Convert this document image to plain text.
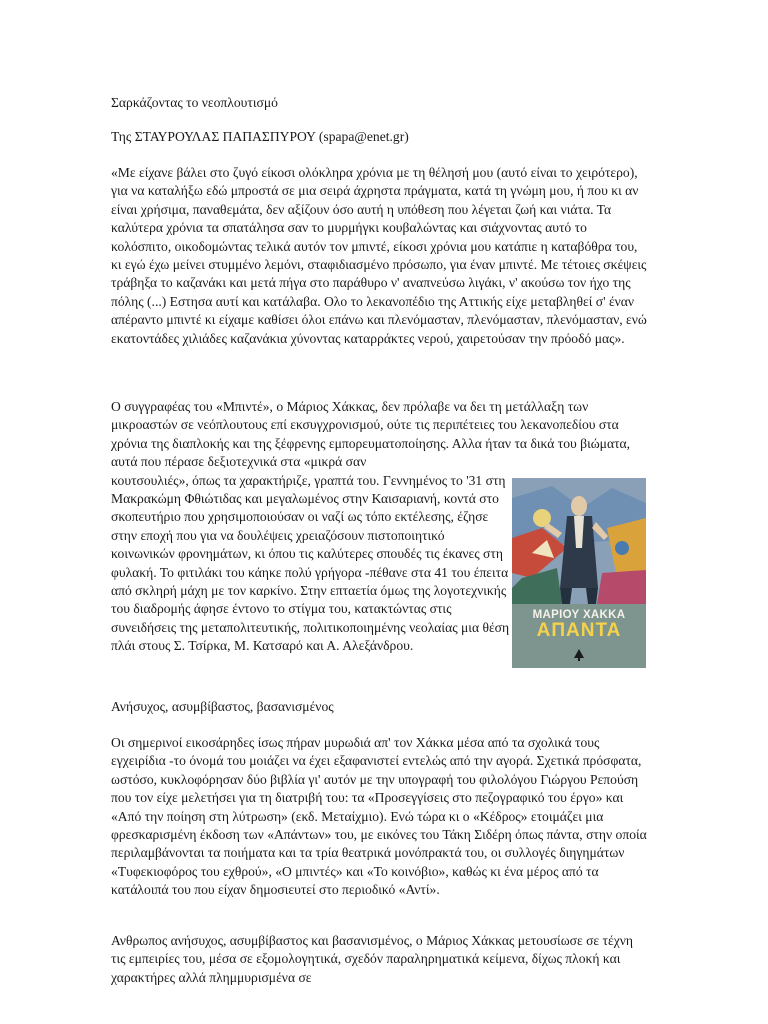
Σαρκάζοντας το νεοπλουτισμό

Της ΣΤΑΥΡΟΥΛΑΣ ΠΑΠΑΣΠΥΡΟΥ (spapa@enet.gr)

«Με είχανε βάλει στο ζυγό είκοσι ολόκληρα χρόνια με τη θέλησή μου (αυτό είναι το χειρότερο), για να καταλήξω εδώ μπροστά σε μια σειρά άχρηστα πράγματα, κατά τη γνώμη μου, ή που κι αν είναι χρήσιμα, παναθεμάτα, δεν αξίζουν όσο αυτή η υπόθεση που λέγεται ζωή και νιάτα. Τα καλύτερα χρόνια τα σπατάλησα σαν το μυρμήγκι κουβαλώντας και σιάχνοντας αυτό το κολόσπιτο, οικοδομώντας τελικά αυτόν τον μπιντέ, είκοσι χρόνια μου κατάπιε η καταβόθρα του, κι εγώ έχω μείνει στυμμένο λεμόνι, σταφιδιασμένο πρόσωπο, για έναν μπιντέ. Με τέτοιες σκέψεις τράβηξα το καζανάκι και μετά πήγα στο παράθυρο ν' αναπνεύσω λιγάκι, ν' ακούσω τον ήχο της πόλης (...) Εστησα αυτί και κατάλαβα. Ολο το λεκανοπέδιο της Αττικής είχε μεταβληθεί σ' έναν απέραντο μπιντέ κι είχαμε καθίσει όλοι επάνω και πλενόμασταν, πλενόμασταν, πλενόμασταν, ενώ εκατοντάδες χιλιάδες καζανάκια χύνοντας καταρράκτες νερού, χαιρετούσαν την πρόοδό μας».

Ο συγγραφέας του «Μπιντέ», ο Μάριος Χάκκας, δεν πρόλαβε να δει τη μετάλλαξη των μικροαστών σε νεόπλουτους επί εκσυγχρονισμού, ούτε τις περιπέτειες του λεκανοπεδίου στα χρόνια της διαπλοκής και της ξέφρενης εμπορευματοποίησης. Αλλα ήταν τα δικά του βιώματα, αυτά που πέρασε δεξιοτεχνικά στα «μικρά σαν
κουτσουλιές», όπως τα χαρακτήριζε, γραπτά του. Γεννημένος το '31 στη Μακρακώμη Φθιώτιδας και μεγαλωμένος στην Καισαριανή, κοντά στο σκοπευτήριο που χρησιμοποιούσαν οι ναζί ως τόπο εκτέλεσης, έζησε στην εποχή που για να δουλέψεις χρειαζόσουν πιστοποιητικό κοινωνικών φρονημάτων, κι όπου τις καλύτερες σπουδές τις έκανες στη φυλακή. Το φιτιλάκι του κάηκε πολύ γρήγορα -πέθανε στα 41 του έπειτα από σκληρή μάχη με τον καρκίνο. Στην επταετία όμως της λογοτεχνικής του διαδρομής άφησε έντονο το στίγμα του, κατακτώντας στις συνειδήσεις της μεταπολιτευτικής, πολιτικοποιημένης νεολαίας μια θέση πλάι στους Σ. Τσίρκα, Μ. Κατσαρό και Α. Αλεξάνδρου.

ΜΑΡΙΟΥ ΧΑΚΚΑ
ΑΠΑΝΤΑ

Ανήσυχος, ασυμβίβαστος, βασανισμένος

Οι σημερινοί εικοσάρηδες ίσως πήραν μυρωδιά απ' τον Χάκκα μέσα από τα σχολικά τους εγχειρίδια -το όνομά του μοιάζει να έχει εξαφανιστεί εντελώς από την αγορά. Σχετικά πρόσφατα, ωστόσο, κυκλοφόρησαν δύο βιβλία γι' αυτόν με την υπογραφή του φιλολόγου Γιώργου Ρεπούση που τον είχε μελετήσει για τη διατριβή του: τα «Προσεγγίσεις στο πεζογραφικό του έργο» και «Από την ποίηση στη λύτρωση» (εκδ. Μεταίχμιο). Ενώ τώρα κι ο «Κέδρος» ετοιμάζει μια φρεσκαρισμένη έκδοση των «Απάντων» του, με εικόνες του Τάκη Σιδέρη όπως πάντα, στην οποία περιλαμβάνονται τα ποιήματα και τα τρία θεατρικά μονόπρακτά του, οι συλλογές διηγημάτων «Τυφεκιοφόρος του εχθρού», «Ο μπιντές» και «Το κοινόβιο», καθώς κι ένα μέρος από τα κατάλοιπά του που είχαν δημοσιευτεί στο περιοδικό «Αντί».

Ανθρωπος ανήσυχος, ασυμβίβαστος και βασανισμένος, ο Μάριος Χάκκας μετουσίωσε σε τέχνη τις εμπειρίες του, μέσα σε εξομολογητικά, σχεδόν παραληρηματικά κείμενα, δίχως πλοκή και χαρακτήρες αλλά πλημμυρισμένα σε
